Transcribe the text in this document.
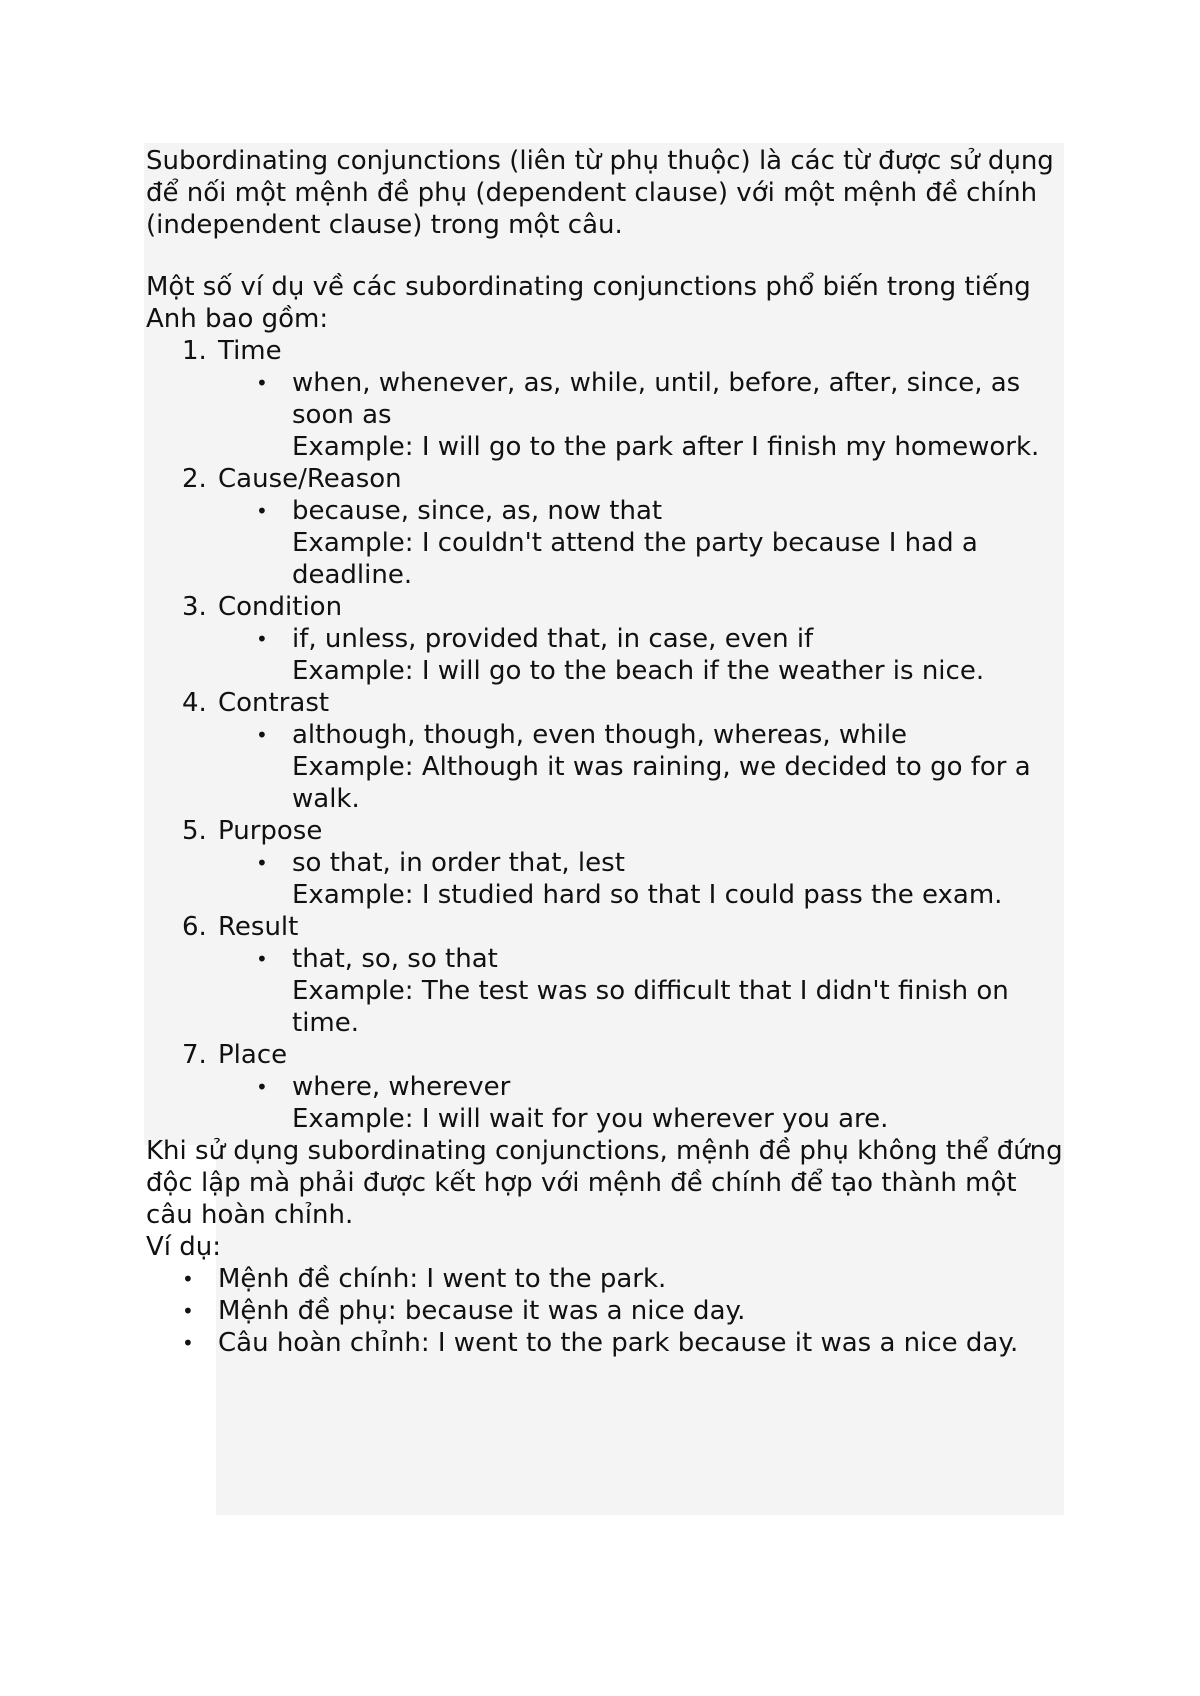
Subordinating conjunctions (liên từ phụ thuộc) là các từ được sử dụng để nối một mệnh đề phụ (dependent clause) với một mệnh đề chính (independent clause) trong một câu.

Một số ví dụ về các subordinating conjunctions phổ biến trong tiếng Anh bao gồm:

1. Time
• when, whenever, as, while, until, before, after, since, as soon as
Example: I will go to the park after I finish my homework.
2. Cause/Reason
• because, since, as, now that
Example: I couldn't attend the party because I had a deadline.
3. Condition
• if, unless, provided that, in case, even if
Example: I will go to the beach if the weather is nice.
4. Contrast
• although, though, even though, whereas, while
Example: Although it was raining, we decided to go for a walk.
5. Purpose
• so that, in order that, lest
Example: I studied hard so that I could pass the exam.
6. Result
• that, so, so that
Example: The test was so difficult that I didn't finish on time.
7. Place
• where, wherever
Example: I will wait for you wherever you are.

Khi sử dụng subordinating conjunctions, mệnh đề phụ không thể đứng độc lập mà phải được kết hợp với mệnh đề chính để tạo thành một câu hoàn chỉnh.

Ví dụ:

• Mệnh đề chính: I went to the park.
• Mệnh đề phụ: because it was a nice day.
• Câu hoàn chỉnh: I went to the park because it was a nice day.
